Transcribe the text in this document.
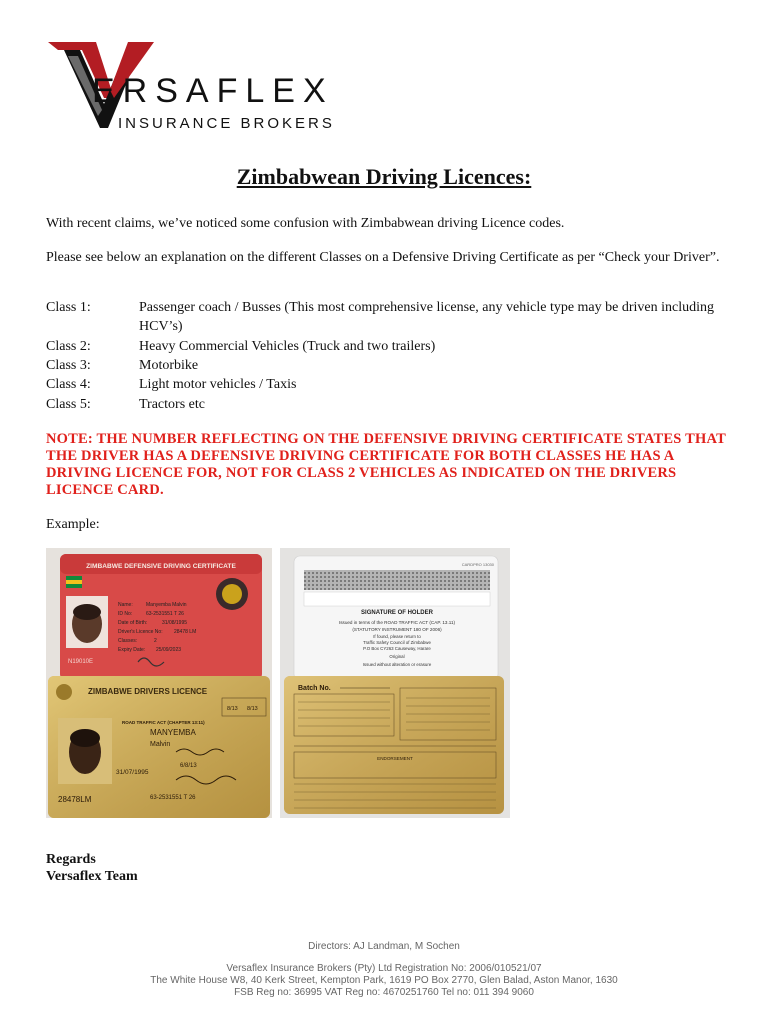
ERSAFLEX
INSURANCE BROKERS
Zimbabwean Driving Licences:
With recent claims, we’ve noticed some confusion with Zimbabwean driving Licence codes.
Please see below an explanation on the different Classes on a Defensive Driving Certificate as per “Check your Driver”.
Class 1:	Passenger coach / Busses (This most comprehensive license, any vehicle type may be driven including HCV’s)
Class 2:	Heavy Commercial Vehicles (Truck and two trailers)
Class 3:	Motorbike
Class 4:	Light motor vehicles / Taxis
Class 5:	Tractors etc
NOTE: THE NUMBER REFLECTING ON THE DEFENSIVE DRIVING CERTIFICATE STATES THAT THE DRIVER HAS A DEFENSIVE DRIVING CERTIFICATE FOR BOTH CLASSES HE HAS A DRIVING LICENCE FOR, NOT FOR CLASS 2 VEHICLES AS INDICATED ON THE DRIVERS LICENCE CARD.
Example:
ZIMBABWE DEFENSIVE DRIVING CERTIFICATE
Name:	Manyemba Malvin
ID No:	63-2531551 T 26
Date of Birth:	31/08/1995
Driver's Licence No: 28478 LM
Classes:	2
Expiry Date: 25/09/2023
N19010E
ZIMBABWE DRIVERS LICENCE
8/13 8/13
ROAD TRAFFIC ACT (CHAPTER 13:11)
MANYEMBA
Malvin
6/8/13
31/07/1995
28478LM	63-2531551 T 26
CARDPRO 13030
SIGNATURE OF HOLDER
Issued in terms of the ROAD TRAFFIC ACT (CAP. 13.11)
(STATUTORY INSTRUMENT 180 OF 2006)
If found, please return to
Traffic Safety Council of Zimbabwe
P.O Box CY263 Causeway, Harare
Original
Issued without alteration or erasure
Batch No.
ENDORSEMENT
Regards
Versaflex Team
Directors: AJ Landman, M Sochen
Versaflex Insurance Brokers (Pty) Ltd Registration No: 2006/010521/07
The White House W8, 40 Kerk Street, Kempton Park, 1619 PO Box 2770, Glen Balad, Aston Manor, 1630
FSB Reg no: 36995 VAT Reg no: 4670251760 Tel no: 011 394 9060
